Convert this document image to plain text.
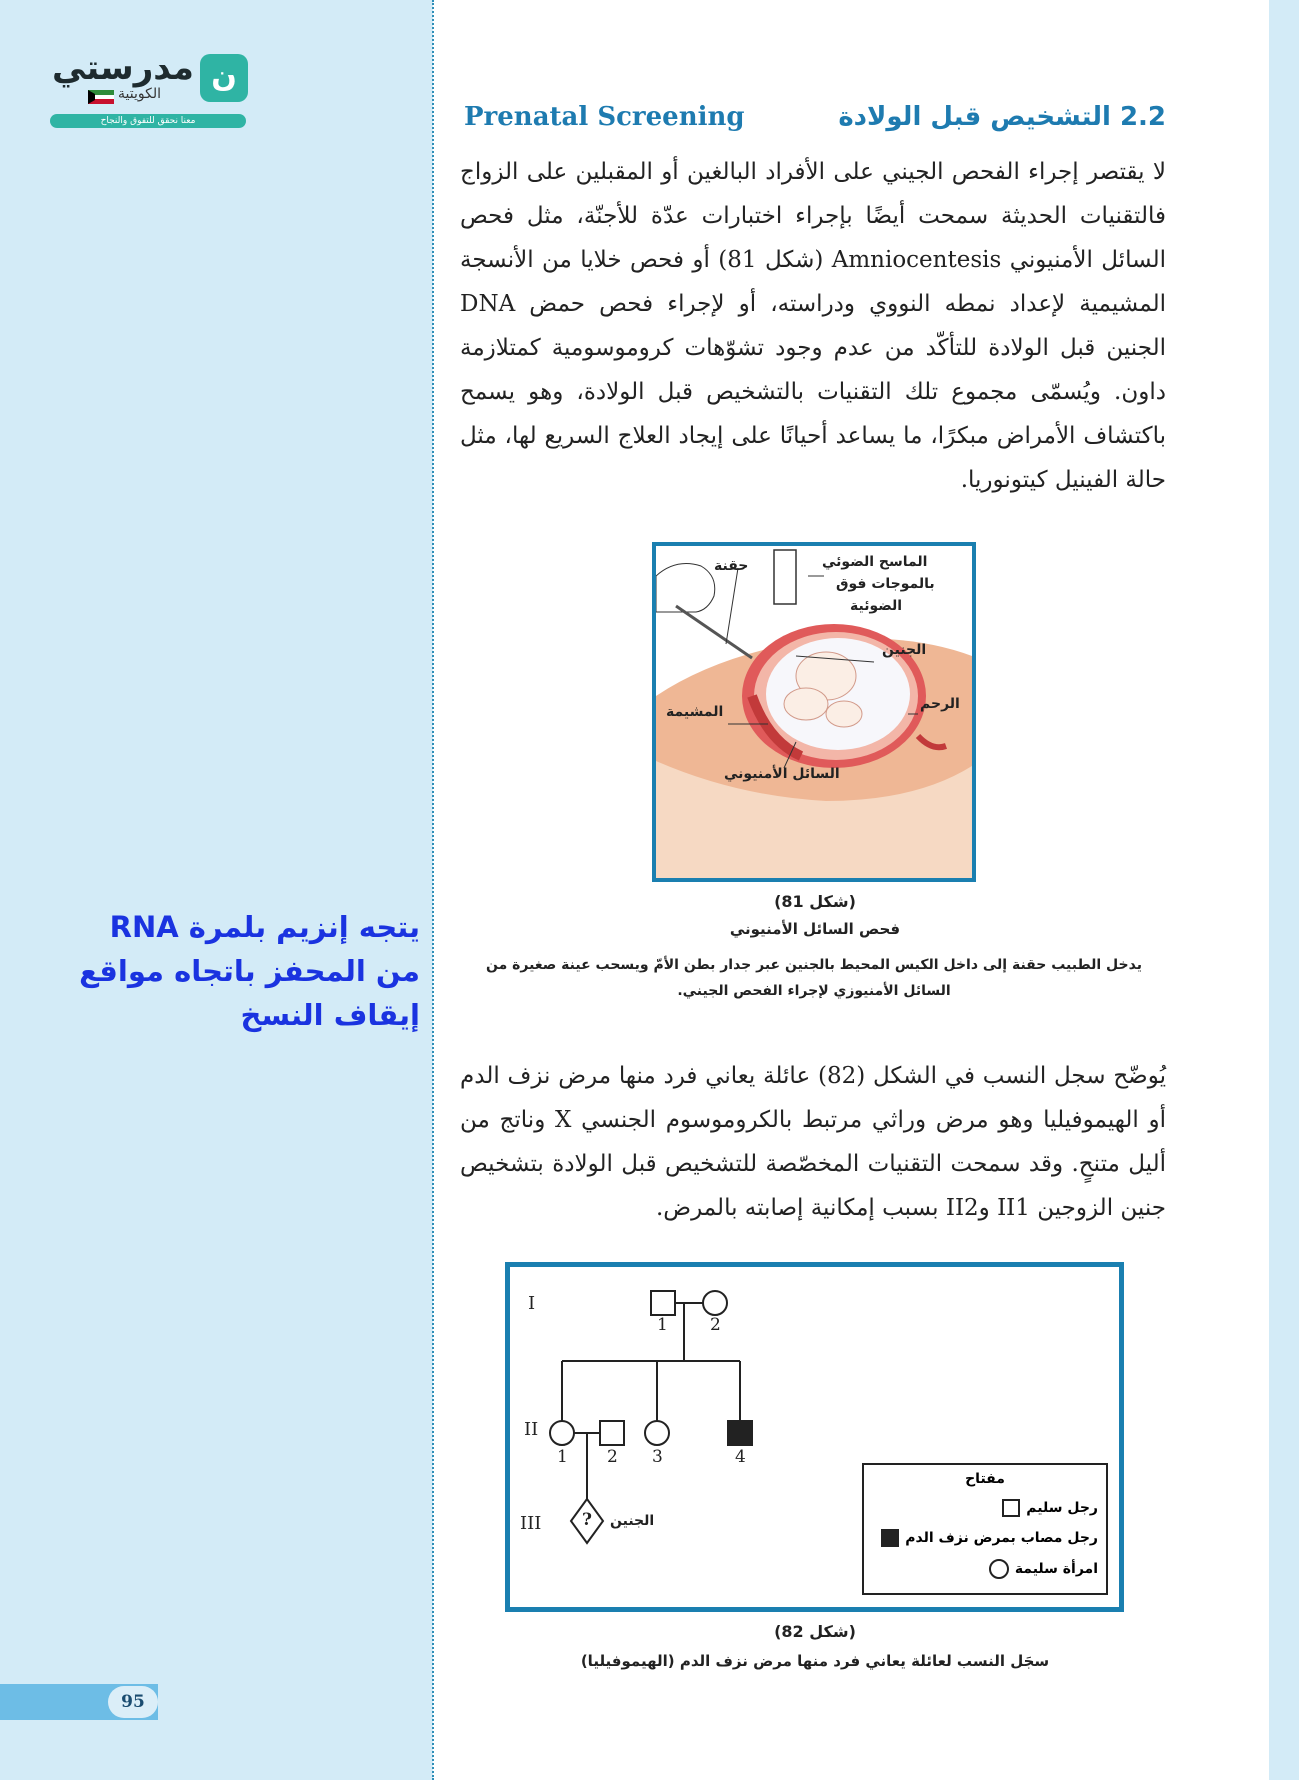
مدرستي
الكويتية	ن
معنا نحقق للتفوق والنجاح
يتجه إنزيم بلمرة RNA من المحفز باتجاه مواقع إيقاف النسخ
95
Prenatal Screening	2.2 التشخيص قبل الولادة
لا يقتصر إجراء الفحص الجيني على الأفراد البالغين أو المقبلين على الزواج فالتقنيات الحديثة سمحت أيضًا بإجراء اختبارات عدّة للأجنّة، مثل فحص السائل الأمنيوني Amniocentesis (شكل 81) أو فحص خلايا من الأنسجة المشيمية لإعداد نمطه النووي ودراسته، أو لإجراء فحص حمض DNA الجنين قبل الولادة للتأكّد من عدم وجود تشوّهات كروموسومية كمتلازمة داون. ويُسمّى مجموع تلك التقنيات بالتشخيص قبل الولادة، وهو يسمح باكتشاف الأمراض مبكرًا، ما يساعد أحيانًا على إيجاد العلاج السريع لها، مثل حالة الفينيل كيتونوريا.
حقنة	الماسح الضوئي
بالموجات فوق
الضوئية
الجنين
الرحم
المشيمة
السائل الأمنيوني
(شكل 81)
فحص السائل الأمنيوني
يدخل الطبيب حقنة إلى داخل الكيس المحيط بالجنين عبر جدار بطن الأمّ ويسحب عينة صغيرة من السائل الأمنيوزي لإجراء الفحص الجيني.
يُوضّح سجل النسب في الشكل (82) عائلة يعاني فرد منها مرض نزف الدم أو الهيموفيليا وهو مرض وراثي مرتبط بالكروموسوم الجنسي X وناتج من أليل متنحٍ. وقد سمحت التقنيات المخصّصة للتشخيص قبل الولادة بتشخيص جنين الزوجين II1 وII2 بسبب إمكانية إصابته بالمرض.
I
II
III
1 2
1 2 3	4
? الجنين
مفتاح
رجل سليم
رجل مصاب بمرض نزف الدم
امرأة سليمة
(شكل 82)
سجَل النسب لعائلة يعاني فرد منها مرض نزف الدم (الهيموفيليا)
